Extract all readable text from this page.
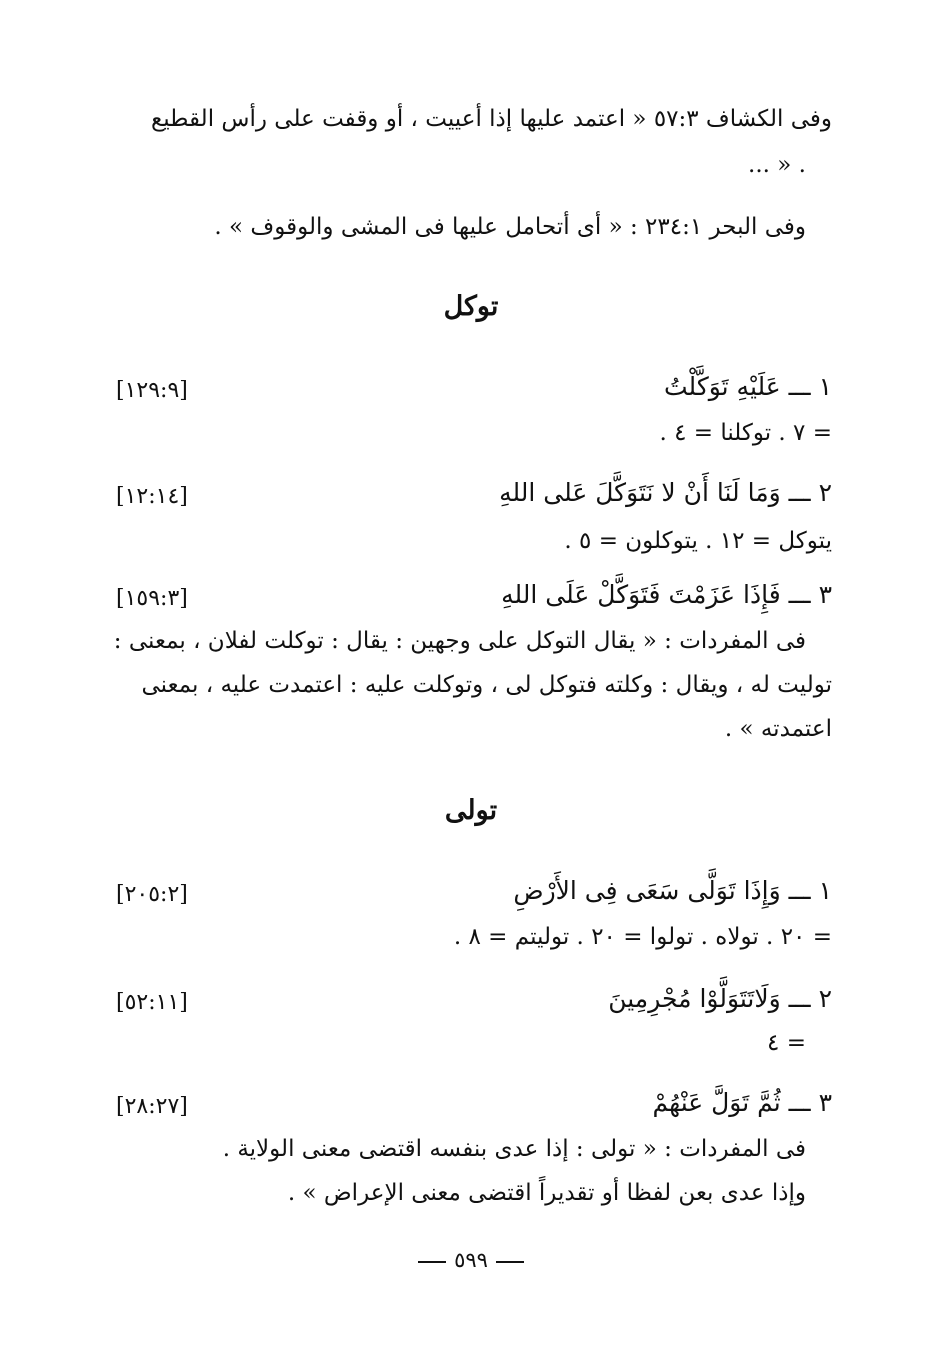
وفى الكشاف ٥٧:٣ « اعتمد عليها إذا أعييت ، أو وقفت على رأس القطيع
. « ...
وفى البحر ٢٣٤:١ : « أى أتحامل عليها فى المشى والوقوف » .
توكل
١ ـــ عَلَيْهِ تَوَكَّلْتُ
[١٢٩:٩]
= ٧ . توكلنا = ٤ .
٢ ـــ وَمَا لَنَا أَنْ لا نَتَوَكَّلَ عَلى اللهِ
[١٢:١٤]
يتوكل = ١٢ . يتوكلون = ٥ .
٣ ـــ فَإِذَا عَزَمْتَ فَتَوَكَّلْ عَلَى اللهِ
[١٥٩:٣]
فى المفردات : « يقال التوكل على وجهين : يقال : توكلت لفلان ، بمعنى :
توليت له ، ويقال : وكلته فتوكل لى ، وتوكلت عليه : اعتمدت عليه ، بمعنى
اعتمدته » .
تولى
١ ـــ وَإِذَا تَوَلَّى سَعَى فِى الأَرْضِ
[٢٠٥:٢]
= ٢٠ . تولاه . تولوا = ٢٠ . توليتم = ٨ .
٢ ـــ وَلَاتَتَوَلَّوْا مُجْرِمِينَ
[٥٢:١١]
= ٤
٣ ـــ ثُمَّ تَوَلَّ عَنْهُمْ
[٢٨:٢٧]
فى المفردات : « تولى : إذا عدى بنفسه اقتضى معنى الولاية .
وإذا عدى بعن لفظا أو تقديراً اقتضى معنى الإعراض » .
٥٩٩
